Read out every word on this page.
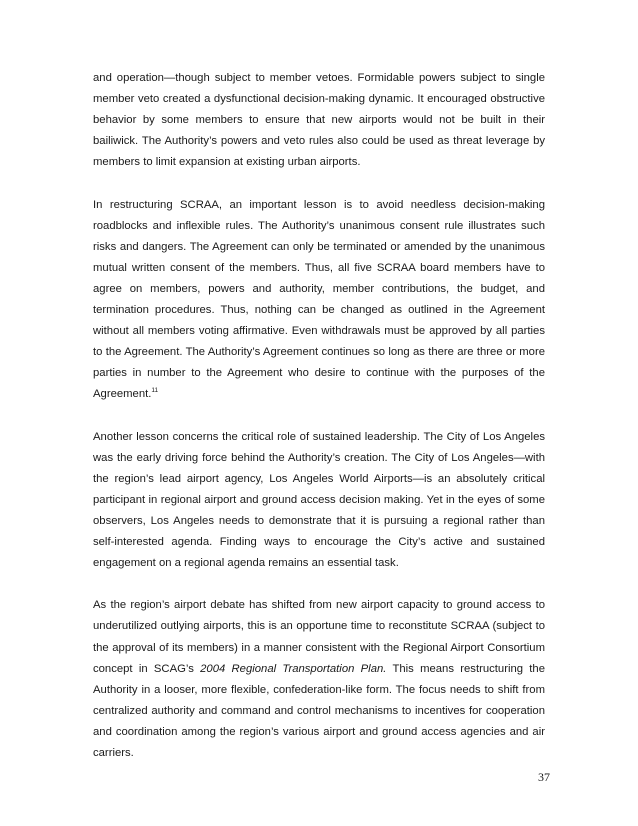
and operation—though subject to member vetoes. Formidable powers subject to single member veto created a dysfunctional decision-making dynamic. It encouraged obstructive behavior by some members to ensure that new airports would not be built in their bailiwick. The Authority’s powers and veto rules also could be used as threat leverage by members to limit expansion at existing urban airports.

In restructuring SCRAA, an important lesson is to avoid needless decision-making roadblocks and inflexible rules. The Authority’s unanimous consent rule illustrates such risks and dangers. The Agreement can only be terminated or amended by the unanimous mutual written consent of the members. Thus, all five SCRAA board members have to agree on members, powers and authority, member contributions, the budget, and termination procedures. Thus, nothing can be changed as outlined in the Agreement without all members voting affirmative. Even withdrawals must be approved by all parties to the Agreement. The Authority’s Agreement continues so long as there are three or more parties in number to the Agreement who desire to continue with the purposes of the Agreement.$^{11}$

Another lesson concerns the critical role of sustained leadership. The City of Los Angeles was the early driving force behind the Authority’s creation. The City of Los Angeles—with the region’s lead airport agency, Los Angeles World Airports—is an absolutely critical participant in regional airport and ground access decision making. Yet in the eyes of some observers, Los Angeles needs to demonstrate that it is pursuing a regional rather than self-interested agenda. Finding ways to encourage the City’s active and sustained engagement on a regional agenda remains an essential task.

As the region’s airport debate has shifted from new airport capacity to ground access to underutilized outlying airports, this is an opportune time to reconstitute SCRAA (subject to the approval of its members) in a manner consistent with the Regional Airport Consortium concept in SCAG’s 2004 Regional Transportation Plan. This means restructuring the Authority in a looser, more flexible, confederation-like form. The focus needs to shift from centralized authority and command and control mechanisms to incentives for cooperation and coordination among the region’s various airport and ground access agencies and air carriers.

37
